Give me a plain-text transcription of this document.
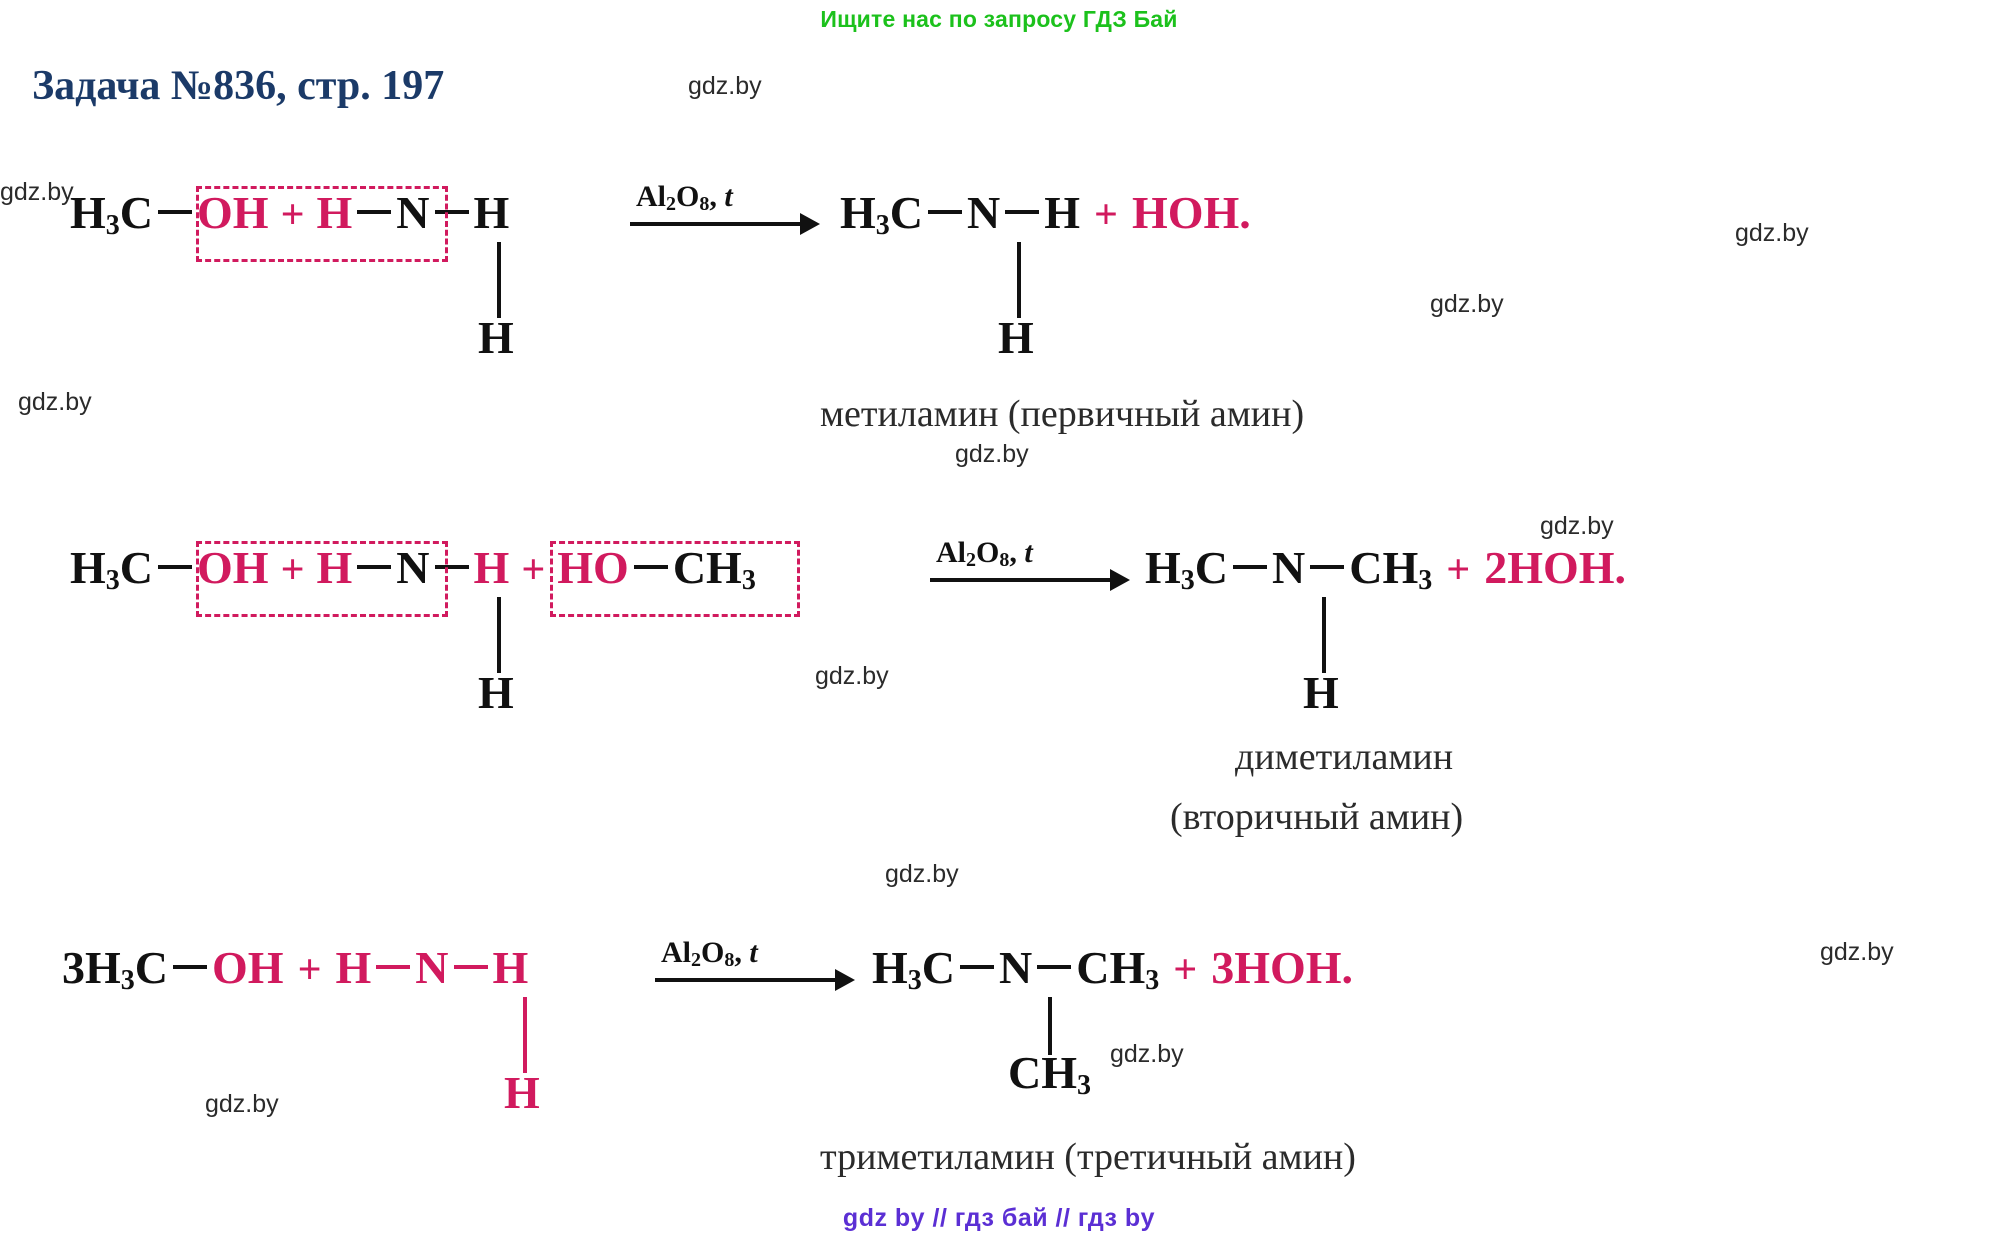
Ищите нас по запросу ГДЗ Бай
Задача №836, стр. 197	gdz.by
gdz.by
gdz.by
gdz.by
gdz.by
gdz.by
gdz.by
gdz.by
gdz.by
gdz.by
gdz.by
gdz.by
H3C OH + H N H
H
Al2O8, t H3C N H + HOH.
H
метиламин (первичный амин)
H3C OH + H N H + HO CH3
H
Al2O8, t H3C N CH3 + 2HOH.
H
диметиламин
(вторичный амин)
3H3C OH + H N H
H
Al2O8, t H3C N CH3 + 3HOH.
CH3
триметиламин (третичный амин)
gdz by // гдз бай // гдз by
